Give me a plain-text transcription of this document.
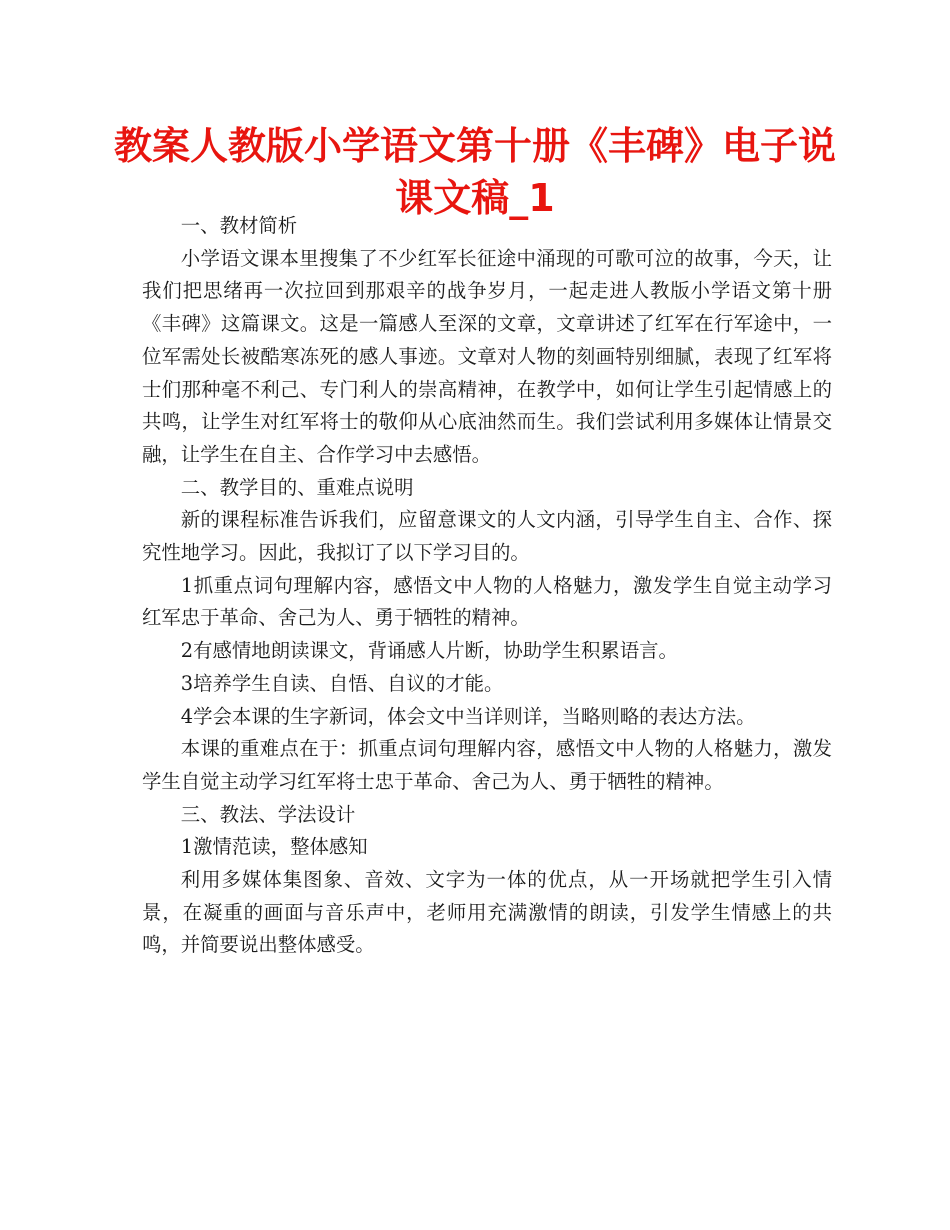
教案人教版小学语文第十册《丰碑》电子说课文稿_1

一、教材简析

小学语文课本里搜集了不少红军长征途中涌现的可歌可泣的故事，今天，让我们把思绪再一次拉回到那艰辛的战争岁月，一起走进人教版小学语文第十册《丰碑》这篇课文。这是一篇感人至深的文章，文章讲述了红军在行军途中，一位军需处长被酷寒冻死的感人事迹。文章对人物的刻画特别细腻，表现了红军将士们那种毫不利己、专门利人的崇高精神，在教学中，如何让学生引起情感上的共鸣，让学生对红军将士的敬仰从心底油然而生。我们尝试利用多媒体让情景交融，让学生在自主、合作学习中去感悟。

二、教学目的、重难点说明

新的课程标准告诉我们，应留意课文的人文内涵，引导学生自主、合作、探究性地学习。因此，我拟订了以下学习目的。

1抓重点词句理解内容，感悟文中人物的人格魅力，激发学生自觉主动学习红军忠于革命、舍己为人、勇于牺牲的精神。

2有感情地朗读课文，背诵感人片断，协助学生积累语言。

3培养学生自读、自悟、自议的才能。

4学会本课的生字新词，体会文中当详则详，当略则略的表达方法。

本课的重难点在于：抓重点词句理解内容，感悟文中人物的人格魅力，激发学生自觉主动学习红军将士忠于革命、舍己为人、勇于牺牲的精神。

三、教法、学法设计

1激情范读，整体感知

利用多媒体集图象、音效、文字为一体的优点，从一开场就把学生引入情景，在凝重的画面与音乐声中，老师用充满激情的朗读，引发学生情感上的共鸣，并简要说出整体感受。
